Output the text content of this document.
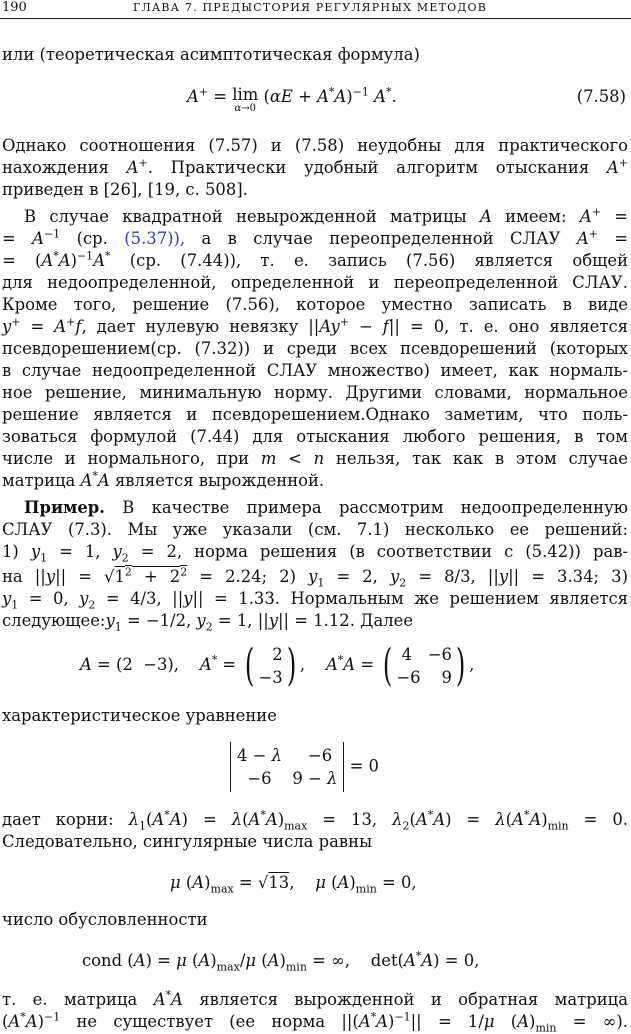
190	ГЛАВА 7. ПРЕДЫСТОРИЯ РЕГУЛЯРНЫХ МЕТОДОВ
или (теоретическая асимптотическая формула)
A+ = lim
α→0
$(\alpha E + A^*A)^{-1}$ A*.	(7.58)
Однако соотношения (7.57) и (7.58) неудобны для практического
нахождения A+. Практически удобный алгоритм отыскания A+
приведен в [26], [19, с. 508].
В случае квадратной невырожденной матрицы A имеем: A+ =
= $A^{-1}$ (ср. (5.37)), а в случае переопределенной СЛАУ A+ =
= $(A^*A)^{-1}A^*$ (ср. (7.44)), т. е. запись (7.56) является общей
для недоопределенной, определенной и переопределенной СЛАУ.
Кроме того, решение (7.56), которое уместно записать в виде
y+ = A+f, дает нулевую невязку ||Ay+ − f|| = 0, т. е. оно является
псевдорешением(ср. (7.32)) и среди всех псевдорешений (которых
в случае недоопределенной СЛАУ множество) имеет, как нормаль-
ное решение, минимальную норму. Другими словами, нормальное
решение является и псевдорешением.Однако заметим, что поль-
зоваться формулой (7.44) для отыскания любого решения, в том
числе и нормального, при m < n нельзя, так как в этом случае
матрица A*A является вырожденной.
Пример. В качестве примера рассмотрим недоопределенную
СЛАУ (7.3). Мы уже указали (см. 7.1) несколько ее решений:
1) $y_1 = 1$, $y_2 = 2$, норма решения (в соответствии с (5.42)) рав-
на $||y|| = √1^2 + 2^2 = 2.24$; 2) $y_1 = 2$, $y_2 = 8/3$, ||y|| = 3.34; 3)
$y_1 = 0$, $y_2 = 4/3$, ||y|| = 1.33. Нормальным же решением является
$следующее:y_1 = -1/2$, $y_2 = 1$, ||y|| = 1.12. Далее
A = (2  −3),    A* = ( 2
−3) ,    A*A = ( 4   −6
−6    9) ,
характеристическое уравнение
4 − λ     −6
−6    9 − λ = 0
дает корни: $\lambda_1(A^*A) = \lambda(A^*A)_{max} = 13$, $\lambda_2(A^*A) = \lambda(A^*A)_{min} = 0$.
Следовательно, сингулярные числа равны
μ $(A)_{max} = √13$,    μ $(A)_{min} = 0$,
число обусловленности
cond (A) = μ $(A)_{max}/\mu$ $(A)_{min}$ = ∞,    det(A*A) = 0,
т. е. матрица A*A является вырожденной и обратная матрица
$(A^*A)^{-1}$ не существует (ее норма $||(A^*A)^{-1}|| = 1/\mu$ $(A)_{min}$ = ∞).
